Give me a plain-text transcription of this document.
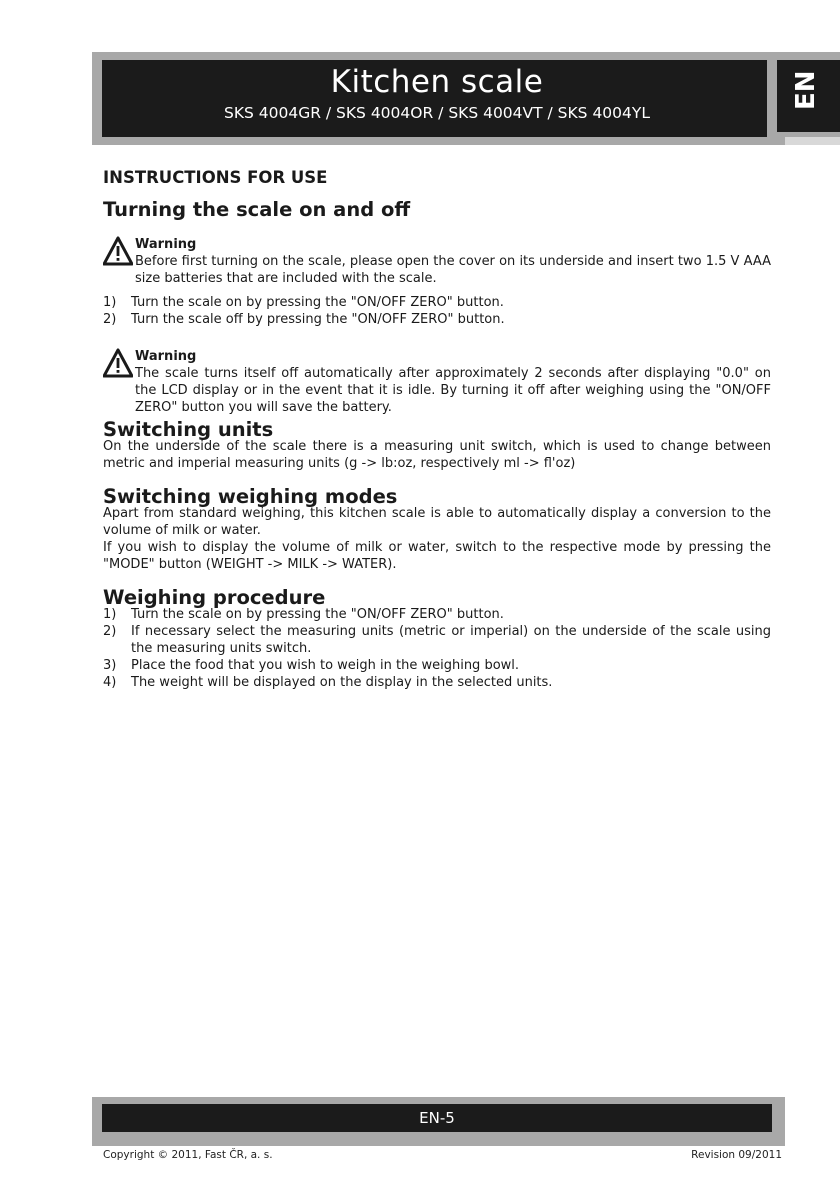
Kitchen scale
SKS 4004GR / SKS 4004OR / SKS 4004VT / SKS 4004YL
EN
INSTRUCTIONS FOR USE
Turning the scale on and off
Warning

Before first turning on the scale, please open the cover on its underside and insert two 1.5 V AAA size batteries that are included with the scale.

1) Turn the scale on by pressing the "ON/OFF ZERO" button.
2) Turn the scale off by pressing the "ON/OFF ZERO" button.
Warning

The scale turns itself off automatically after approximately 2 seconds after displaying "0.0" on the LCD display or in the event that it is idle. By turning it off after weighing using the "ON/OFF ZERO" button you will save the battery.

Switching units

On the underside of the scale there is a measuring unit switch, which is used to change between metric and imperial measuring units (g -> lb:oz, respectively ml -> fl'oz)

Switching weighing modes

Apart from standard weighing, this kitchen scale is able to automatically display a conversion to the volume of milk or water.

If you wish to display the volume of milk or water, switch to the respective mode by pressing the "MODE" button (WEIGHT -> MILK -> WATER).

Weighing procedure
1) Turn the scale on by pressing the "ON/OFF ZERO" button.
2) If necessary select the measuring units (metric or imperial) on the underside of the scale using the measuring units switch.
3) Place the food that you wish to weigh in the weighing bowl.
4) The weight will be displayed on the display in the selected units.
EN-5
Copyright © 2011, Fast ČR, a. s.	Revision 09/2011
